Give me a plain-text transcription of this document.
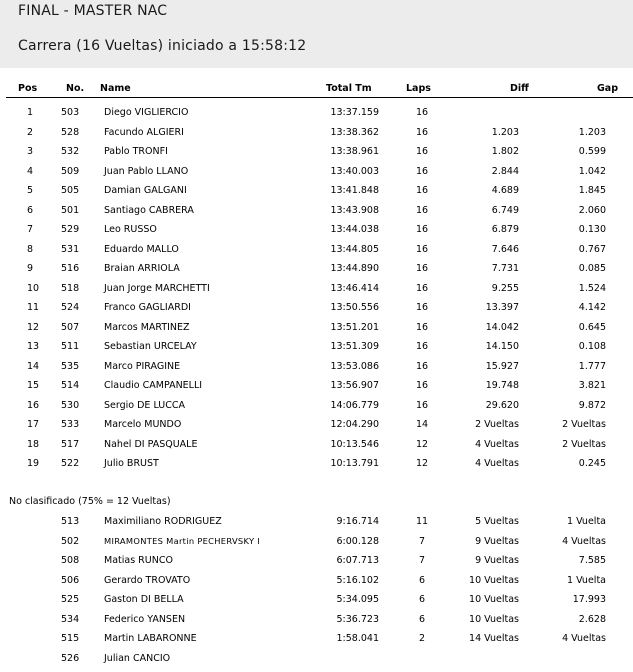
FINAL - MASTER NAC
Carrera (16 Vueltas) iniciado a 15:58:12
Pos	No. Name	Total Tm	Laps	Diff	Gap
1	503	Diego VIGLIERCIO	13:37.159	16
2	528	Facundo ALGIERI	13:38.362	16	1.203	1.203
3	532	Pablo TRONFI	13:38.961	16	1.802	0.599
4	509	Juan Pablo LLANO	13:40.003	16	2.844	1.042
5	505	Damian GALGANI	13:41.848	16	4.689	1.845
6	501	Santiago CABRERA	13:43.908	16	6.749	2.060
7	529	Leo RUSSO	13:44.038	16	6.879	0.130
8	531	Eduardo MALLO	13:44.805	16	7.646	0.767
9	516	Braian ARRIOLA	13:44.890	16	7.731	0.085
10 518	Juan Jorge MARCHETTI	13:46.414	16	9.255	1.524
11 524	Franco GAGLIARDI	13:50.556	16	13.397	4.142
12 507	Marcos MARTINEZ	13:51.201	16	14.042	0.645
13 511	Sebastian URCELAY	13:51.309	16	14.150	0.108
14 535	Marco PIRAGINE	13:53.086	16	15.927	1.777
15 514	Claudio CAMPANELLI	13:56.907	16	19.748	3.821
16 530	Sergio DE LUCCA	14:06.779	16	29.620	9.872
17 533	Marcelo MUNDO	12:04.290	14	2 Vueltas	2 Vueltas
18 517	Nahel DI PASQUALE	10:13.546	12	4 Vueltas	2 Vueltas
19 522	Julio BRUST	10:13.791	12	4 Vueltas	0.245
No clasificado (75% = 12 Vueltas)
513	Maximiliano RODRIGUEZ	9:16.714	11	5 Vueltas	1 Vuelta
502	MIRAMONTES Martin PECHERVSKY I	6:00.128	7	9 Vueltas	4 Vueltas
508	Matias RUNCO	6:07.713	7	9 Vueltas	7.585
506	Gerardo TROVATO	5:16.102	6	10 Vueltas	1 Vuelta
525	Gaston DI BELLA	5:34.095	6	10 Vueltas	17.993
534	Federico YANSEN	5:36.723	6	10 Vueltas	2.628
515	Martin LABARONNE	1:58.041	2	14 Vueltas	4 Vueltas
526	Julian CANCIO
